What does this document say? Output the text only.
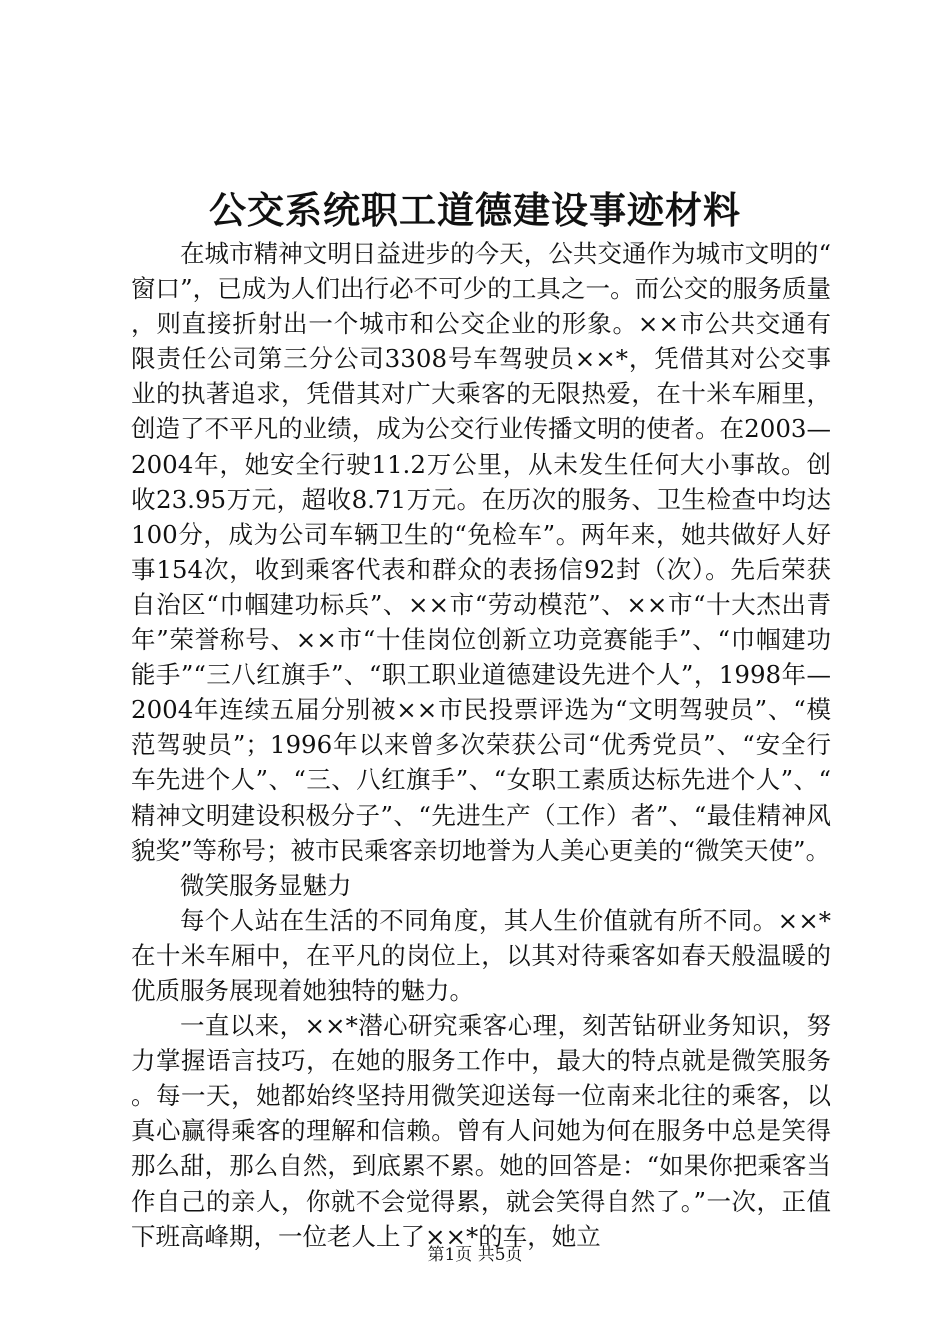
公交系统职工道德建设事迹材料

在城市精神文明日益进步的今天，公共交通作为城市文明的“窗口”，已成为人们出行必不可少的工具之一。而公交的服务质量，则直接折射出一个城市和公交企业的形象。××市公共交通有限责任公司第三分公司3308号车驾驶员××*，凭借其对公交事业的执著追求，凭借其对广大乘客的无限热爱，在十米车厢里，创造了不平凡的业绩，成为公交行业传播文明的使者。在2003—2004年，她安全行驶11.2万公里，从未发生任何大小事故。创收23.95万元，超收8.71万元。在历次的服务、卫生检查中均达100分，成为公司车辆卫生的“免检车”。两年来，她共做好人好事154次，收到乘客代表和群众的表扬信92封（次）。先后荣获自治区“巾帼建功标兵”、××市“劳动模范”、××市“十大杰出青年”荣誉称号、××市“十佳岗位创新立功竞赛能手”、“巾帼建功能手”“三八红旗手”、“职工职业道德建设先进个人”，1998年—2004年连续五届分别被××市民投票评选为“文明驾驶员”、“模范驾驶员”；1996年以来曾多次荣获公司“优秀党员”、“安全行车先进个人”、“三、八红旗手”、“女职工素质达标先进个人”、“精神文明建设积极分子”、“先进生产（工作）者”、“最佳精神风貌奖”等称号；被市民乘客亲切地誉为人美心更美的“微笑天使”。

微笑服务显魅力

每个人站在生活的不同角度，其人生价值就有所不同。××*在十米车厢中，在平凡的岗位上，以其对待乘客如春天般温暖的优质服务展现着她独特的魅力。

一直以来，××*潜心研究乘客心理，刻苦钻研业务知识，努力掌握语言技巧，在她的服务工作中，最大的特点就是微笑服务。每一天，她都始终坚持用微笑迎送每一位南来北往的乘客，以真心赢得乘客的理解和信赖。曾有人问她为何在服务中总是笑得那么甜，那么自然，到底累不累。她的回答是：“如果你把乘客当作自己的亲人，你就不会觉得累，就会笑得自然了。”一次，正值下班高峰期，一位老人上了××*的车，她立

第1页 共5页
